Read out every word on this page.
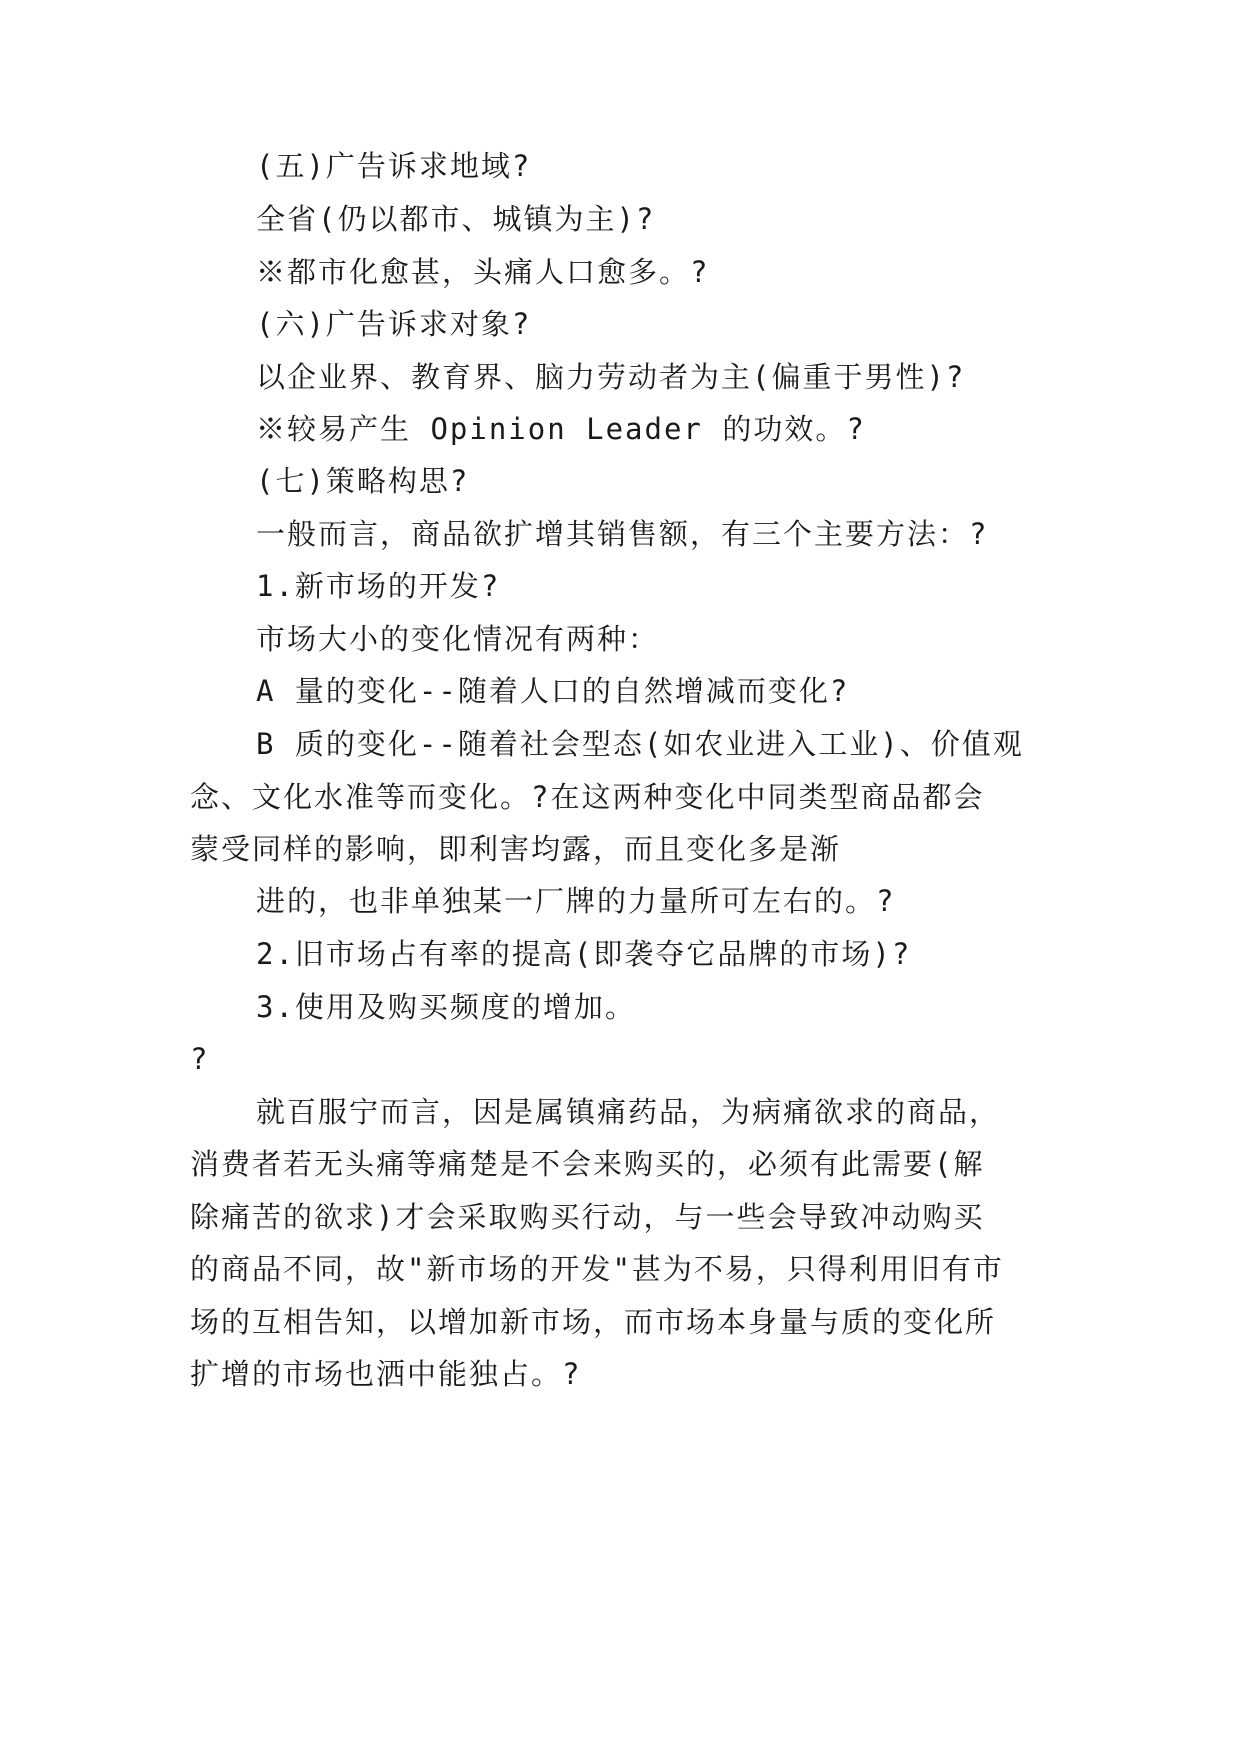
(五)广告诉求地域?
全省(仍以都市、城镇为主)?
※都市化愈甚，头痛人口愈多。?
(六)广告诉求对象?
以企业界、教育界、脑力劳动者为主(偏重于男性)?
※较易产生 Opinion Leader 的功效。?
(七)策略构思?
一般而言，商品欲扩增其销售额，有三个主要方法：?
1.新市场的开发?
市场大小的变化情况有两种：
A 量的变化--随着人口的自然增减而变化?
B 质的变化--随着社会型态(如农业进入工业)、价值观
念、文化水准等而变化。?在这两种变化中同类型商品都会
蒙受同样的影响，即利害均露，而且变化多是渐
进的，也非单独某一厂牌的力量所可左右的。?
2.旧市场占有率的提高(即袭夺它品牌的市场)?
3.使用及购买频度的增加。
?
就百服宁而言，因是属镇痛药品，为病痛欲求的商品，
消费者若无头痛等痛楚是不会来购买的，必须有此需要(解
除痛苦的欲求)才会采取购买行动，与一些会导致冲动购买
的商品不同，故"新市场的开发"甚为不易，只得利用旧有市
场的互相告知，以增加新市场，而市场本身量与质的变化所
扩增的市场也洒中能独占。?
